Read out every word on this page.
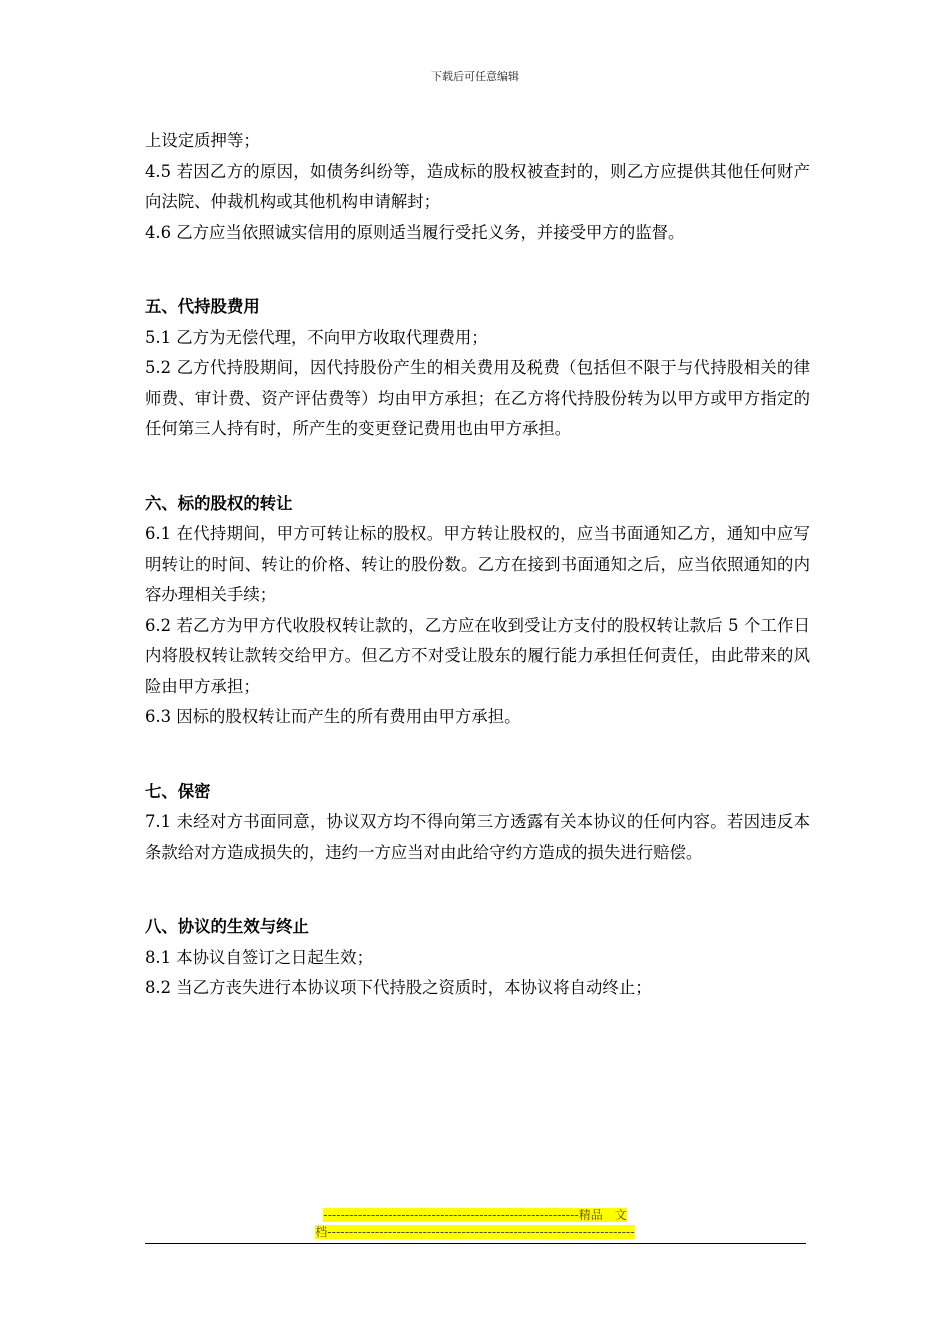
下载后可任意编辑

上设定质押等；

4.5 若因乙方的原因，如债务纠纷等，造成标的股权被查封的，则乙方应提供其他任何财产向法院、仲裁机构或其他机构申请解封；

4.6 乙方应当依照诚实信用的原则适当履行受托义务，并接受甲方的监督。

五、代持股费用

5.1 乙方为无偿代理，不向甲方收取代理费用；

5.2 乙方代持股期间，因代持股份产生的相关费用及税费（包括但不限于与代持股相关的律师费、审计费、资产评估费等）均由甲方承担；在乙方将代持股份转为以甲方或甲方指定的任何第三人持有时，所产生的变更登记费用也由甲方承担。

六、标的股权的转让

6.1 在代持期间，甲方可转让标的股权。甲方转让股权的，应当书面通知乙方，通知中应写明转让的时间、转让的价格、转让的股份数。乙方在接到书面通知之后，应当依照通知的内容办理相关手续；

6.2 若乙方为甲方代收股权转让款的，乙方应在收到受让方支付的股权转让款后 5 个工作日内将股权转让款转交给甲方。但乙方不对受让股东的履行能力承担任何责任，由此带来的风险由甲方承担；

6.3 因标的股权转让而产生的所有费用由甲方承担。

七、保密

7.1 未经对方书面同意，协议双方均不得向第三方透露有关本协议的任何内容。若因违反本条款给对方造成损失的，违约一方应当对由此给守约方造成的损失进行赔偿。

八、协议的生效与终止

8.1 本协议自签订之日起生效；

8.2 当乙方丧失进行本协议项下代持股之资质时，本协议将自动终止；

-----------------------------------------------------------精品　文
档-----------------------------------------------------------------------
